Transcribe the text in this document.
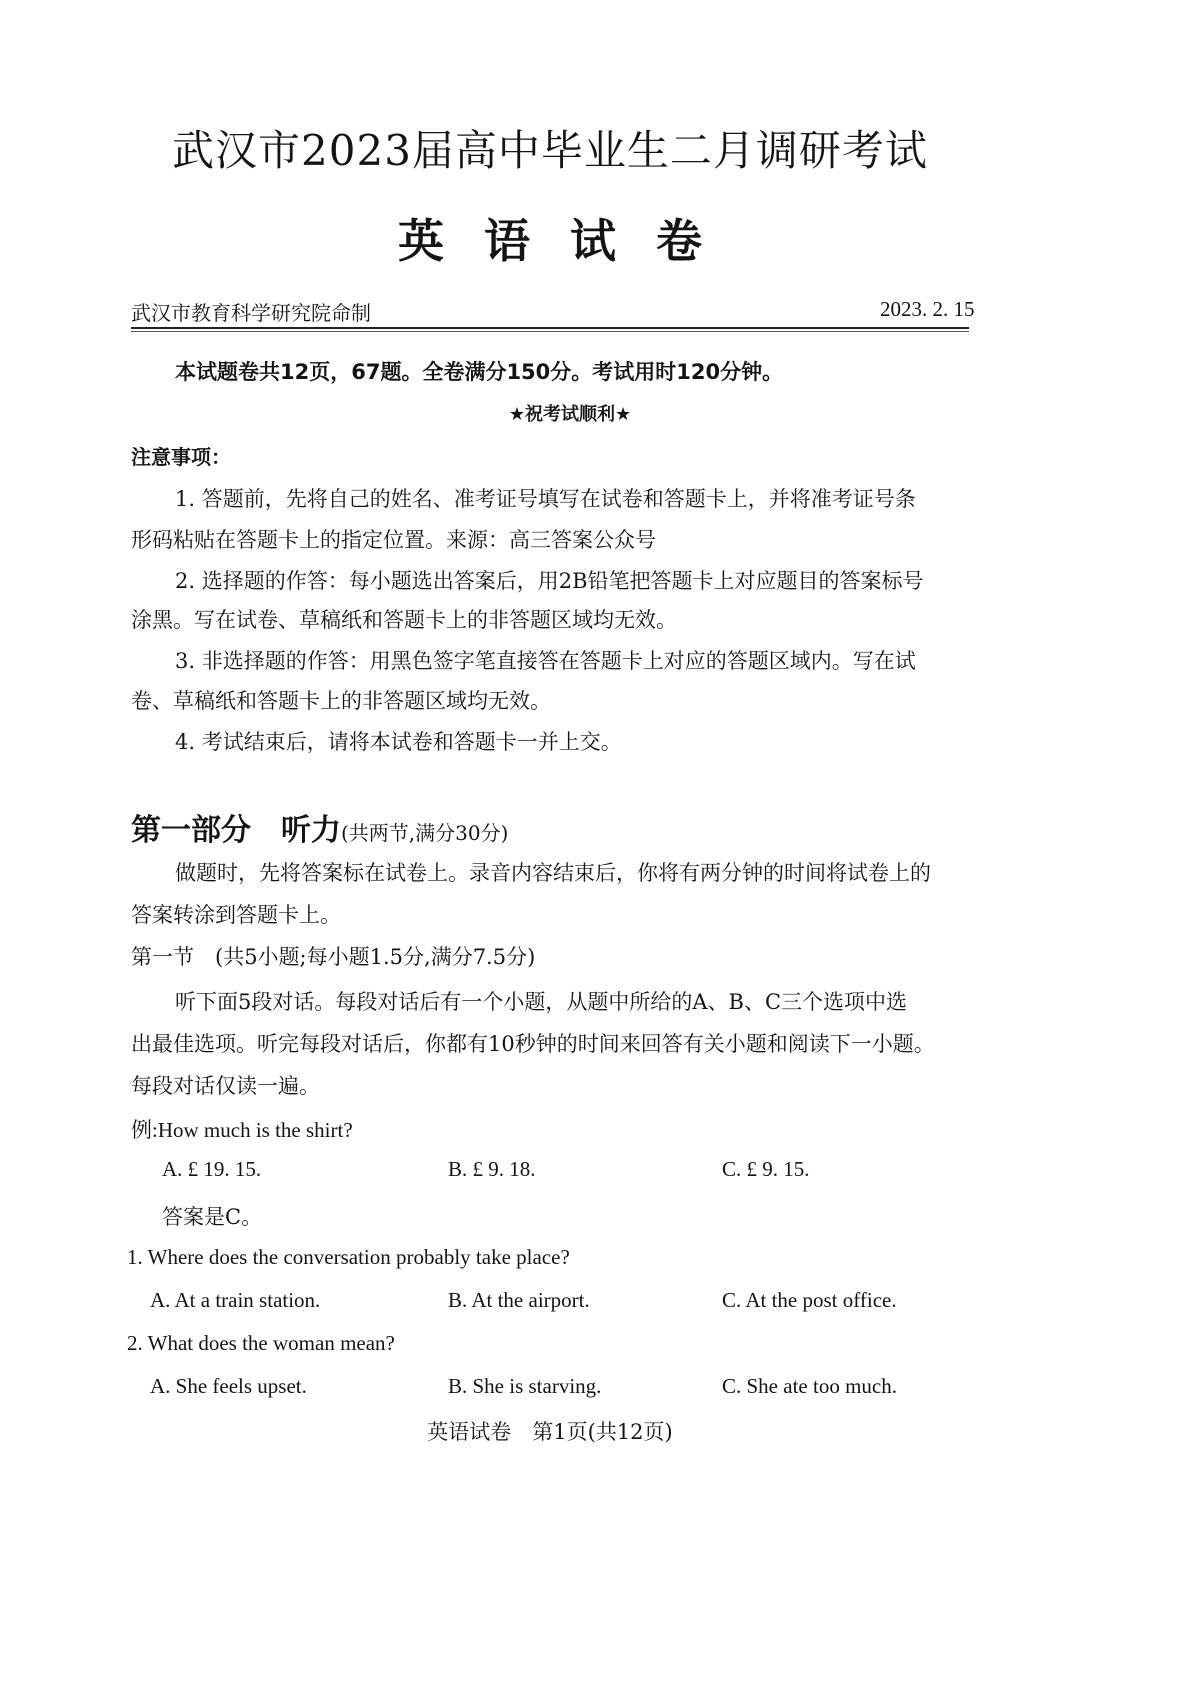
武汉市2023届高中毕业生二月调研考试
英语试卷
武汉市教育科学研究院命制	2023. 2. 15
本试题卷共12页，67题。全卷满分150分。考试用时120分钟。
★祝考试顺利★
注意事项：
1. 答题前，先将自己的姓名、准考证号填写在试卷和答题卡上，并将准考证号条
形码粘贴在答题卡上的指定位置。来源：高三答案公众号
2. 选择题的作答：每小题选出答案后，用2B铅笔把答题卡上对应题目的答案标号
涂黑。写在试卷、草稿纸和答题卡上的非答题区域均无效。
3. 非选择题的作答：用黑色签字笔直接答在答题卡上对应的答题区域内。写在试
卷、草稿纸和答题卡上的非答题区域均无效。
4. 考试结束后，请将本试卷和答题卡一并上交。
第一部分　听力(共两节,满分30分)
做题时，先将答案标在试卷上。录音内容结束后，你将有两分钟的时间将试卷上的
答案转涂到答题卡上。
第一节　(共5小题;每小题1.5分,满分7.5分)
听下面5段对话。每段对话后有一个小题，从题中所给的A、B、C三个选项中选
出最佳选项。听完每段对话后，你都有10秒钟的时间来回答有关小题和阅读下一小题。
每段对话仅读一遍。
例:How much is the shirt?
A. £ 19. 15.	B. £ 9. 18.	C. £ 9. 15.
答案是C。
1. Where does the conversation probably take place?
A. At a train station.	B. At the airport.	C. At the post office.
2. What does the woman mean?
A. She feels upset.	B. She is starving.	C. She ate too much.
英语试卷　第1页(共12页)
